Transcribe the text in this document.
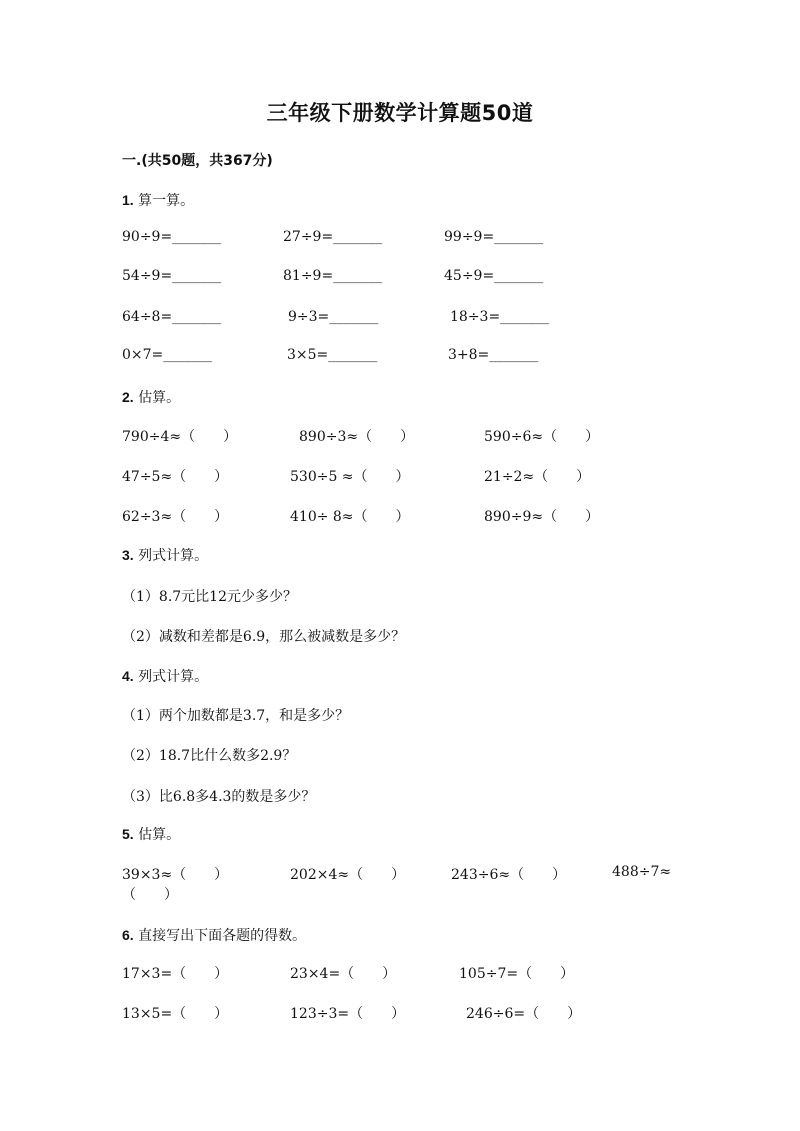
三年级下册数学计算题50道
一.(共50题，共367分)
1. 算一算。
90÷9=_______	27÷9=_______	99÷9=_______
54÷9=_______	81÷9=_______	45÷9=_______
64÷8=_______	9÷3=_______	18÷3=_______
0×7=_______	3×5=_______	3+8=_______
2. 估算。
790÷4≈（　　）	890÷3≈（　　）	590÷6≈（　　）
47÷5≈（　　）	530÷5 ≈（　　）	21÷2≈（　　）
62÷3≈（　　）	410÷ 8≈（　　）	890÷9≈（　　）
3. 列式计算。
（1）8.7元比12元少多少？
（2）减数和差都是6.9，那么被减数是多少？
4. 列式计算。
（1）两个加数都是3.7，和是多少？
（2）18.7比什么数多2.9？
（3）比6.8多4.3的数是多少？
5. 估算。
39×3≈（　　）	202×4≈（　　）	243÷6≈（　　）	488÷7≈
（　　）
6. 直接写出下面各题的得数。
17×3=（　　）	23×4=（　　）	105÷7=（　　）
13×5=（　　）	123÷3=（　　）	246÷6=（　　）
